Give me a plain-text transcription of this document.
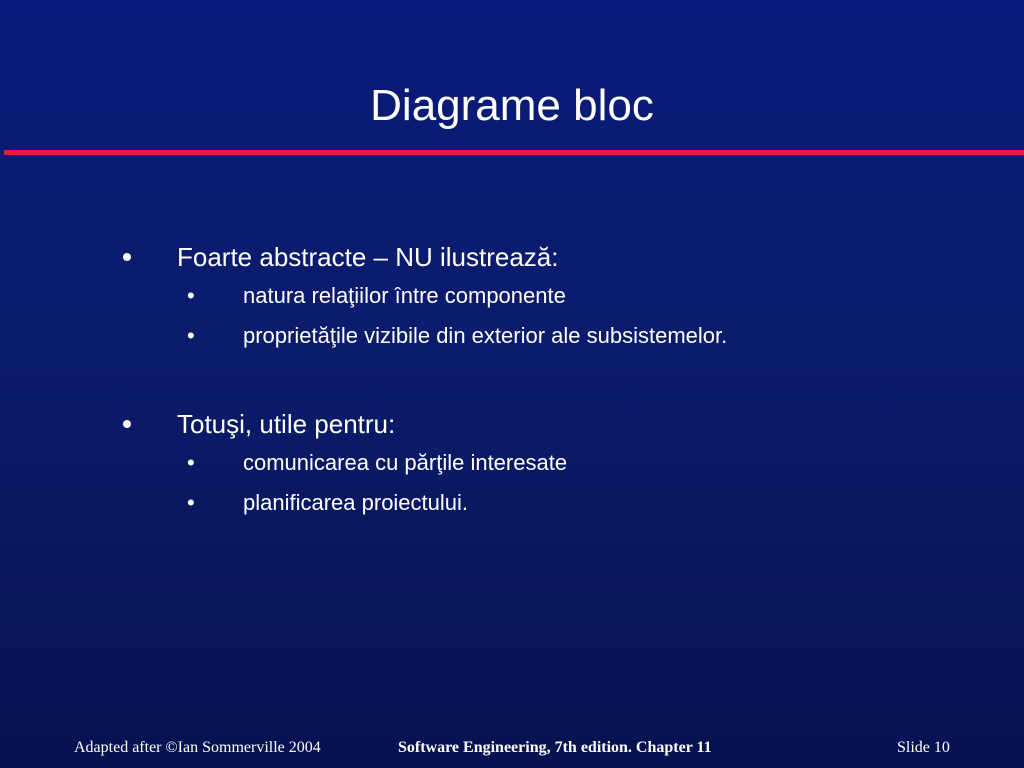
Diagrame bloc
Foarte abstracte – NU ilustrează:
• natura relaţiilor între componente
• proprietăţile vizibile din exterior ale subsistemelor.
Totuşi, utile pentru:
• comunicarea cu părţile interesate
• planificarea proiectului.
Adapted after ©Ian Sommerville 2004	Software Engineering, 7th edition. Chapter 11	Slide 10
